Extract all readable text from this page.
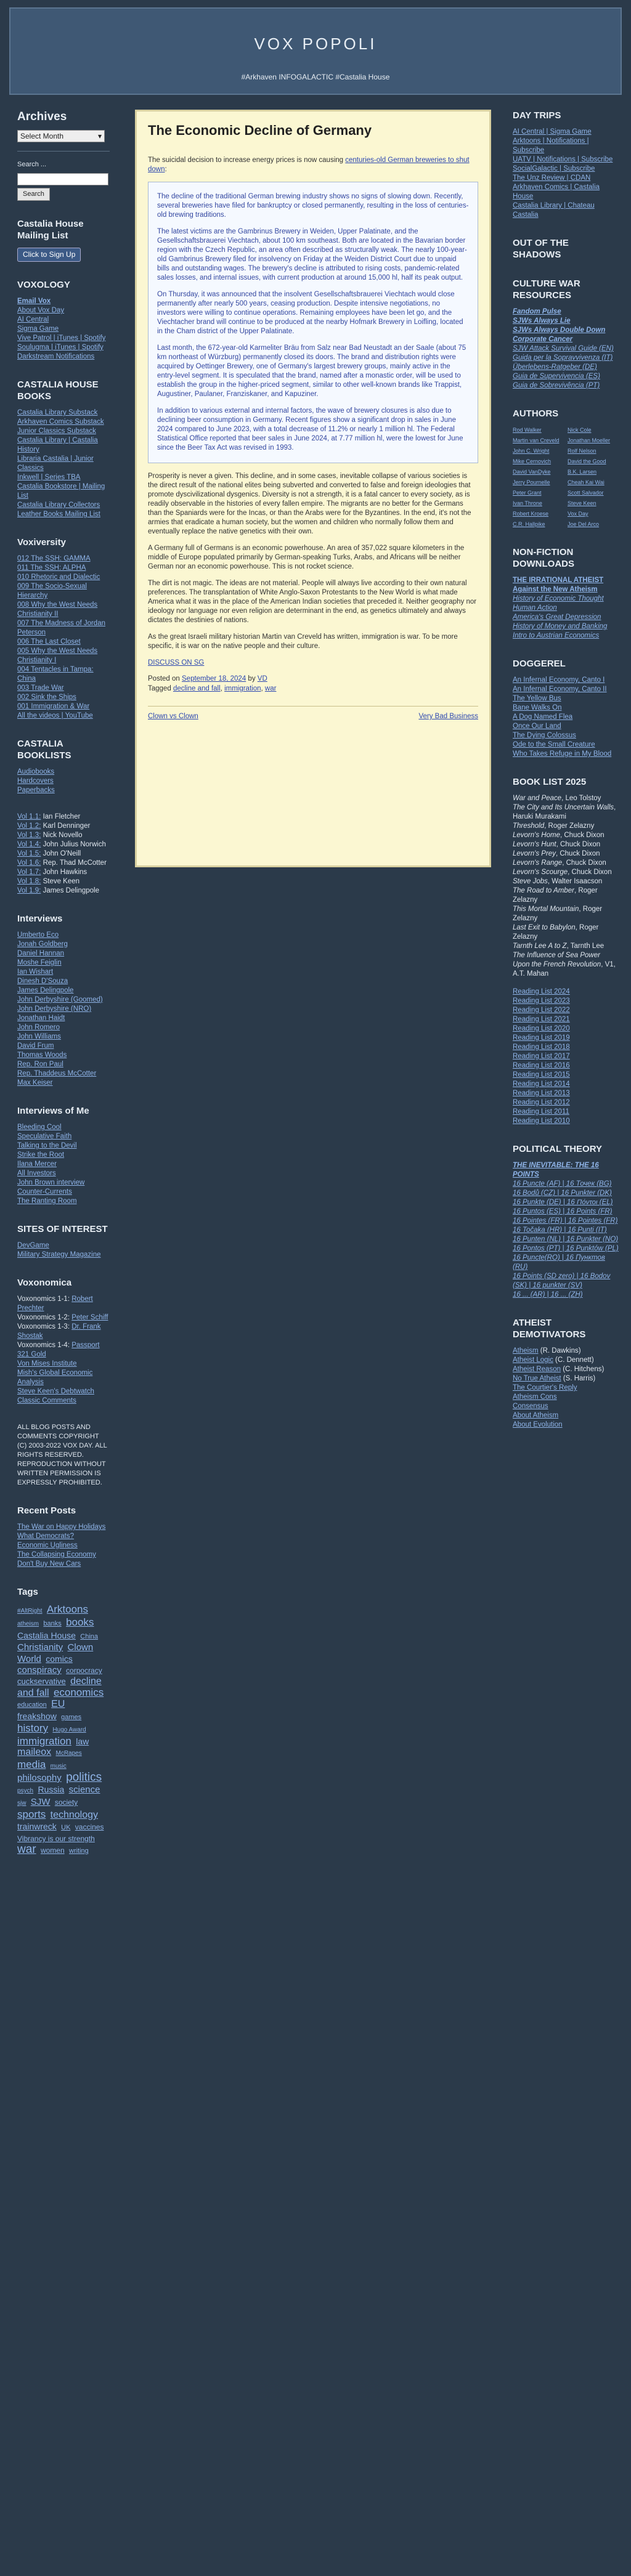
VOX POPOLI
#Arkhaven INFOGALACTIC #Castalia House
Archives
Select Month	▾
Search ...
Search
Castalia House Mailing List
Click to Sign Up
VOXOLOGY
Email Vox
About Vox Day
AI Central
Sigma Game
Vive Patrol | iTunes | Spotify
Soulugma | iTunes | Spotify
Darkstream Notifications
CASTALIA HOUSE BOOKS
Castalia Library Substack
Arkhaven Comics Substack
Junior Classics Substack
Castalia Library | Castalia History
Libraria Castalia | Junior Classics
Inkwell | Series TBA
Castalia Bookstore | Mailing List
Castalia Library Collectors
Leather Books Mailing List
Voxiversity
012 The SSH: GAMMA
011 The SSH: ALPHA
010 Rhetoric and Dialectic
009 The Socio-Sexual Hierarchy
008 Why the West Needs Christianity II
007 The Madness of Jordan Peterson
006 The Last Closet
005 Why the West Needs Christianity I
004 Tentacles in Tampa: China
003 Trade War
002 Sink the Ships
001 Immigration & War
All the videos | YouTube
CASTALIA BOOKLISTS
Audiobooks
Hardcovers
Paperbacks
Vol 1.1: Ian Fletcher
Vol 1.2: Karl Denninger
Vol 1.3: Nick Novello
Vol 1.4: John Julius Norwich
Vol 1.5: John O'Neill
Vol 1.6: Rep. Thad McCotter
Vol 1.7: John Hawkins
Vol 1.8: Steve Keen
Vol 1.9: James Delingpole
Interviews
Umberto Eco
Jonah Goldberg
Daniel Hannan
Moshe Feiglin
Ian Wishart
Dinesh D'Souza
James Delingpole
John Derbyshire (Goomed)
John Derbyshire (NRO)
Jonathan Haidt
John Romero
John Williams
David Frum
Thomas Woods
Rep. Ron Paul
Rep. Thaddeus McCotter
Max Keiser
Interviews of Me
Bleeding Cool
Speculative Faith
Talking to the Devil
Strike the Root
Ilana Mercer
All Investors
John Brown interview
Counter-Currents
The Ranting Room
SITES OF INTEREST
DevGame
Military Strategy Magazine
Voxonomica
Voxonomics 1-1: Robert Prechter
Voxonomics 1-2: Peter Schiff
Voxonomics 1-3: Dr. Frank Shostak
Voxonomics 1-4: Passport 321 Gold
Von Mises Institute
Mish's Global Economic Analysis
Steve Keen's Debtwatch
Classic Comments
ALL BLOG POSTS AND COMMENTS COPYRIGHT (C) 2003-2022 VOX DAY. ALL RIGHTS RESERVED. REPRODUCTION WITHOUT WRITTEN PERMISSION IS EXPRESSLY PROHIBITED.
Recent Posts
The War on Happy Holidays
What Democrats?
Economic Ugliness
The Collapsing Economy
Don't Buy New Cars
Tags
#AltRight Arktoons atheism banks books Castalia House China Christianity Clown World comics conspiracy corpocracy cuckservative decline and fall economics education EU freakshow games history Hugo Award immigration law maileox McRapes media music philosophy politics psych Russia science sjw SJW society sports technology trainwreck UK vaccines Vibrancy is our strength war women writing
The Economic Decline of Germany

The suicidal decision to increase energy prices is now causing centuries-old German breweries to shut down:

The decline of the traditional German brewing industry shows no signs of slowing down. Recently, several breweries have filed for bankruptcy or closed permanently, resulting in the loss of centuries-old brewing traditions.

The latest victims are the Gambrinus Brewery in Weiden, Upper Palatinate, and the Gesellschaftsbrauerei Viechtach, about 100 km southeast. Both are located in the Bavarian border region with the Czech Republic, an area often described as structurally weak. The nearly 100-year-old Gambrinus Brewery filed for insolvency on Friday at the Weiden District Court due to unpaid bills and outstanding wages. The brewery's decline is attributed to rising costs, pandemic-related sales losses, and internal issues, with current production at around 15,000 hl, half its peak output.

On Thursday, it was announced that the insolvent Gesellschaftsbrauerei Viechtach would close permanently after nearly 500 years, ceasing production. Despite intensive negotiations, no investors were willing to continue operations. Remaining employees have been let go, and the Viechtacher brand will continue to be produced at the nearby Hofmark Brewery in Loifling, located in the Cham district of the Upper Palatinate.

Last month, the 672-year-old Karmeliter Bräu from Salz near Bad Neustadt an der Saale (about 75 km northeast of Würzburg) permanently closed its doors. The brand and distribution rights were acquired by Oettinger Brewery, one of Germany's largest brewery groups, mainly active in the entry-level segment. It is speculated that the brand, named after a monastic order, will be used to establish the group in the higher-priced segment, similar to other well-known brands like Trappist, Augustiner, Paulaner, Franziskaner, and Kapuziner.

In addition to various external and internal factors, the wave of brewery closures is also due to declining beer consumption in Germany. Recent figures show a significant drop in sales in June 2024 compared to June 2023, with a total decrease of 11.2% or nearly 1 million hl. The Federal Statistical Office reported that beer sales in June 2024, at 7.77 million hl, were the lowest for June since the Beer Tax Act was revised in 1993.

Prosperity is never a given. This decline, and in some cases, inevitable collapse of various societies is the direct result of the national elites being subverted and converted to false and foreign ideologies that promote dyscivilizational dysgenics. Diversity is not a strength, it is a fatal cancer to every society, as is readily observable in the histories of every fallen empire. The migrants are no better for the Germans than the Spaniards were for the Incas, or than the Arabs were for the Byzantines. In the end, it's not the armies that eradicate a human society, but the women and children who normally follow them and eventually replace the native genetics with their own.

A Germany full of Germans is an economic powerhouse. An area of 357,022 square kilometers in the middle of Europe populated primarily by German-speaking Turks, Arabs, and Africans will be neither German nor an economic powerhouse. This is not rocket science.

The dirt is not magic. The ideas are not material. People will always live according to their own natural preferences. The transplantation of White Anglo-Saxon Protestants to the New World is what made America what it was in the place of the American Indian societies that preceded it. Neither geography nor ideology nor language nor even religion are determinant in the end, as genetics ultimately and always dictates the destinies of nations.

As the great Israeli military historian Martin van Creveld has written, immigration is war. To be more specific, it is war on the native people and their culture.

DISCUSS ON SG

Posted on September 18, 2024 by VD
Tagged decline and fall, immigration, war
Clown vs Clown	Very Bad Business
DAY TRIPS
AI Central | Sigma Game
Arktoons | Notifications | Subscribe
UATV | Notifications | Subscribe
SocialGalactic | Subscribe
The Unz Review | CDAN
Arkhaven Comics | Castalia House
Castalia Library | Chateau Castalia
OUT OF THE SHADOWS
CULTURE WAR RESOURCES
Fandom Pulse
SJWs Always Lie
SJWs Always Double Down
Corporate Cancer
SJW Attack Survival Guide (EN)
Guida per la Sopravvivenza (IT)
Überlebens-Ratgeber (DE)
Guia de Supervivencia (ES)
Guia de Sobrevivência (PT)
AUTHORS
Rod Walker	Nick Cole
Martin van Creveld	Jonathan Moeller
John C. Wright	Rolf Nelson
Mike Cernovich	David the Good
David VanDyke	B.K. Larsen
Jerry Pournelle	Cheah Kai Wai
Peter Grant	Scott Salvador
Ivan Throne	Steve Keen
Robert Kroese	Vox Day
C.R. Hallpike	Joe Del Arco
NON-FICTION DOWNLOADS
THE IRRATIONAL ATHEIST
Against the New Atheism
History of Economic Thought
Human Action
America's Great Depression
History of Money and Banking
Intro to Austrian Economics
DOGGEREL
An Infernal Economy, Canto I
An Infernal Economy, Canto II
The Yellow Bus
Bane Walks On
A Dog Named Flea
Once Our Land
The Dying Colossus
Ode to the Small Creature
Who Takes Refuge in My Blood
BOOK LIST 2025
War and Peace, Leo Tolstoy
The City and Its Uncertain Walls, Haruki Murakami
Threshold, Roger Zelazny
Levorn's Home, Chuck Dixon
Levorn's Hunt, Chuck Dixon
Levorn's Prey, Chuck Dixon
Levorn's Range, Chuck Dixon
Levorn's Scourge, Chuck Dixon
Steve Jobs, Walter Isaacson
The Road to Amber, Roger Zelazny
This Mortal Mountain, Roger Zelazny
Last Exit to Babylon, Roger Zelazny
Tarnth Lee A to Z, Tarnth Lee
The Influence of Sea Power Upon the French Revolution, V1, A.T. Mahan
Reading List 2024
Reading List 2023
Reading List 2022
Reading List 2021
Reading List 2020
Reading List 2019
Reading List 2018
Reading List 2017
Reading List 2016
Reading List 2015
Reading List 2014
Reading List 2013
Reading List 2012
Reading List 2011
Reading List 2010
POLITICAL THEORY
THE INEVITABLE: THE 16 POINTS
16 Puncte (AF) | 16 Точек (BG)
16 Bodů (CZ) | 16 Punkter (DK)
16 Punkte (DE) | 16 Πόντοι (EL)
16 Puntos (ES) | 16 Points (FR)
16 Pointes (FR) | 16 Pointes (FR)
16 Točaka (HR) | 16 Punti (IT)
16 Punten (NL) | 16 Punkter (NO)
16 Pontos (PT) | 16 Punktów (PL)
16 Puncte(RO) | 16 Пунктов (RU)
16 Points (SD zero) | 16 Bodov (SK) | 16 punkter (SV)
16 ... (AR) | 16 ... (ZH)
ATHEIST DEMOTIVATORS
Atheism (R. Dawkins)
Atheist Logic (C. Dennett)
Atheist Reason (C. Hitchens)
No True Atheist (S. Harris)
The Courtier's Reply
Atheism Cons
Consensus
About Atheism
About Evolution
